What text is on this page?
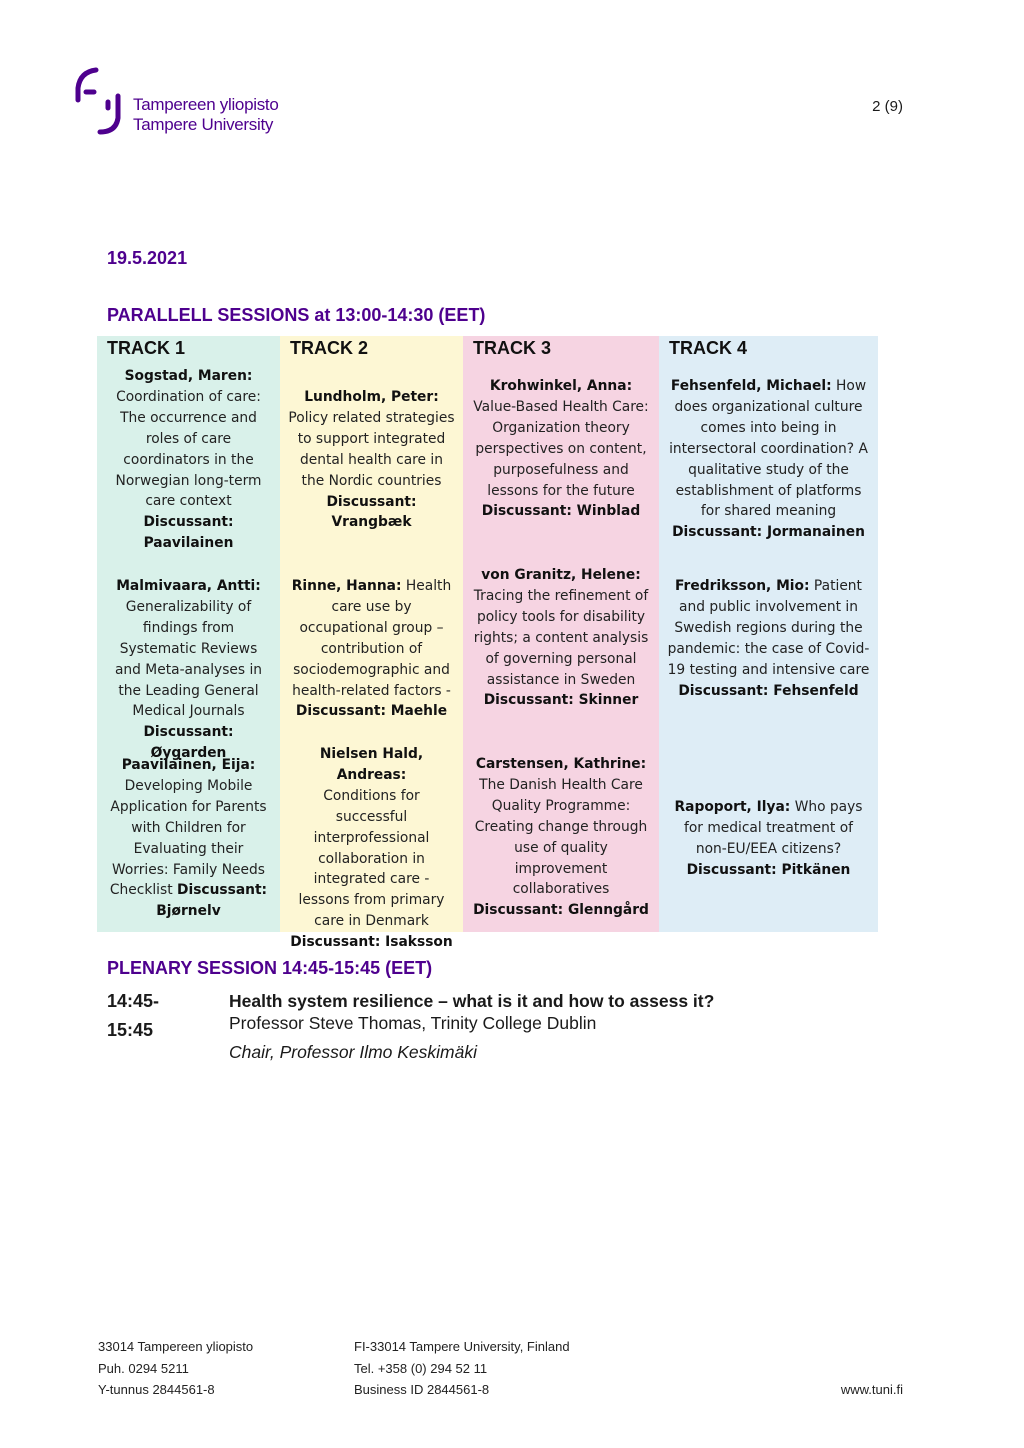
Tampereen yliopisto
Tampere University
2 (9)
19.5.2021
PARALLELL SESSIONS at 13:00-14:30 (EET)
TRACK 1
Sogstad, Maren:
Coordination of care: The occurrence and roles of care coordinators in the Norwegian long-term care context
Discussant: Paavilainen
Malmivaara, Antti:
Generalizability of findings from Systematic Reviews and Meta-analyses in the Leading General Medical Journals
Discussant: Øygarden
Paavilainen, Eija:
Developing Mobile Application for Parents with Children for Evaluating their Worries: Family Needs Checklist Discussant: Bjørnelv
TRACK 2
Lundholm, Peter:
Policy related strategies to support integrated dental health care in the Nordic countries
Discussant: Vrangbæk
Rinne, Hanna: Health care use by occupational group – contribution of sociodemographic and health-related factors -
Discussant: Maehle
Nielsen Hald, Andreas:
Conditions for successful interprofessional collaboration in integrated care - lessons from primary care in Denmark
Discussant: Isaksson
TRACK 3
Krohwinkel, Anna:
Value-Based Health Care: Organization theory perspectives on content, purposefulness and lessons for the future
Discussant: Winblad
von Granitz, Helene:
Tracing the refinement of policy tools for disability rights; a content analysis of governing personal assistance in Sweden
Discussant: Skinner
Carstensen, Kathrine:
The Danish Health Care Quality Programme: Creating change through use of quality improvement collaboratives
Discussant: Glenngård
TRACK 4
Fehsenfeld, Michael: How does organizational culture comes into being in intersectoral coordination? A qualitative study of the establishment of platforms for shared meaning
Discussant: Jormanainen
Fredriksson, Mio: Patient and public involvement in Swedish regions during the pandemic: the case of Covid-19 testing and intensive care
Discussant: Fehsenfeld
Rapoport, Ilya: Who pays for medical treatment of non-EU/EEA citizens?
Discussant: Pitkänen
PLENARY SESSION 14:45-15:45 (EET)
14:45-
15:45
Health system resilience – what is it and how to assess it?
Professor Steve Thomas, Trinity College Dublin
Chair, Professor Ilmo Keskimäki
33014 Tampereen yliopisto
Puh. 0294 5211
Y-tunnus 2844561-8
FI-33014 Tampere University, Finland
Tel. +358 (0) 294 52 11
Business ID 2844561-8	www.tuni.fi
